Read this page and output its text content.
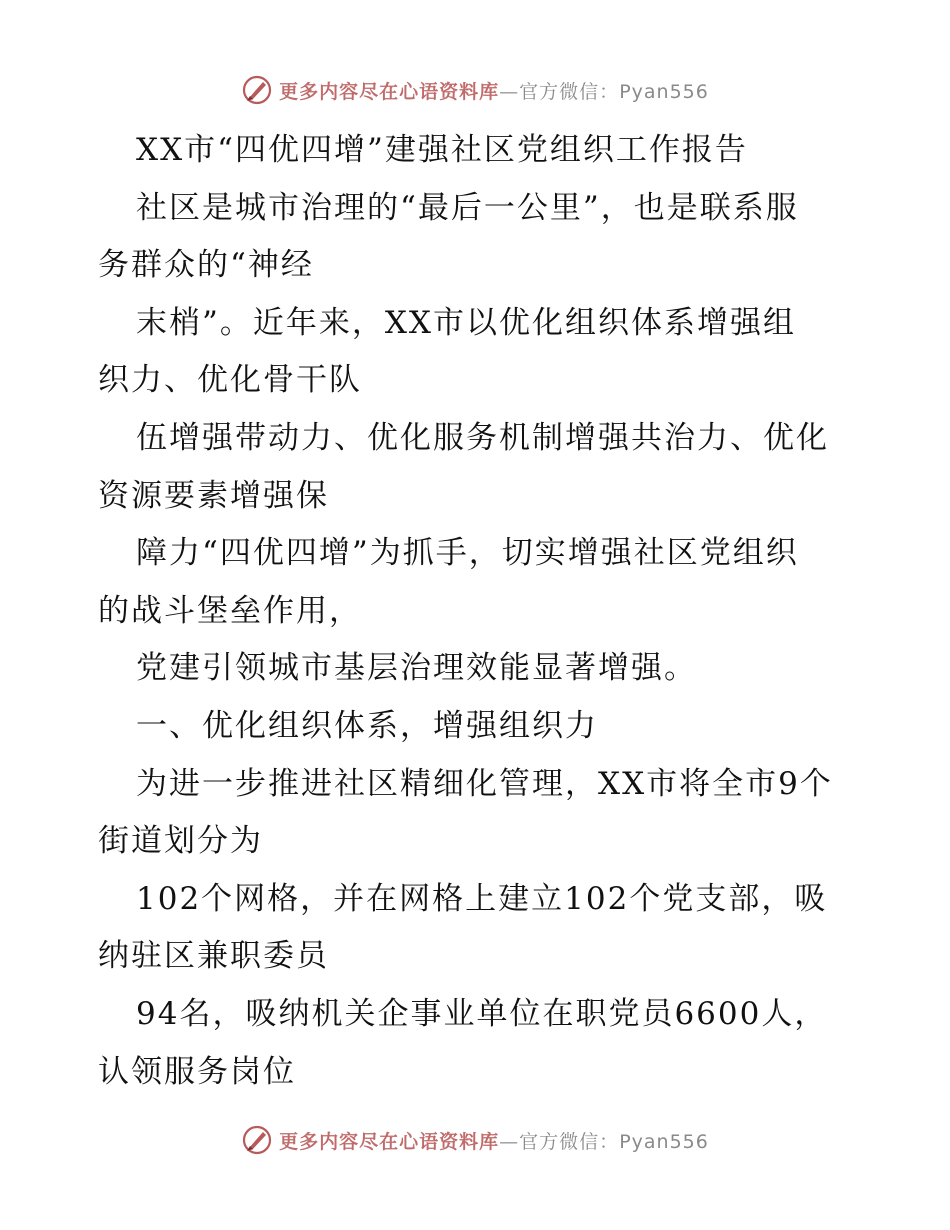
更多内容尽在心语资料库—官方微信：Pyan556
XX市“四优四增”建强社区党组织工作报告
社区是城市治理的“最后一公里”，也是联系服
务群众的“神经
末梢”。近年来，XX市以优化组织体系增强组
织力、优化骨干队
伍增强带动力、优化服务机制增强共治力、优化
资源要素增强保
障力“四优四增”为抓手，切实增强社区党组织
的战斗堡垒作用，
党建引领城市基层治理效能显著增强。
一、优化组织体系，增强组织力
为进一步推进社区精细化管理，XX市将全市9个
街道划分为
102个网格，并在网格上建立102个党支部，吸
纳驻区兼职委员
94名，吸纳机关企事业单位在职党员6600人，
认领服务岗位
更多内容尽在心语资料库—官方微信：Pyan556
